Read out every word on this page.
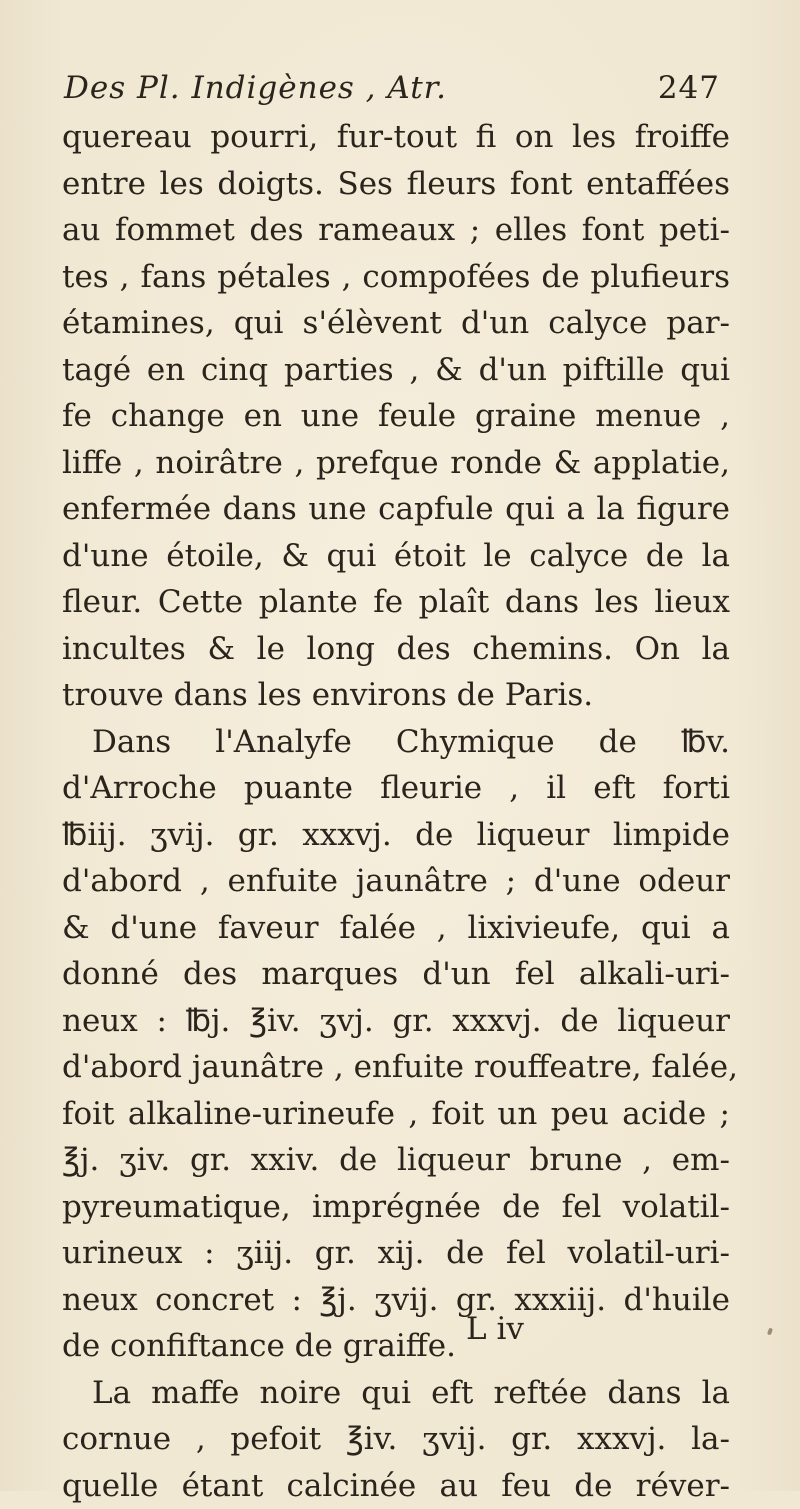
Des Pl. Indigènes , Atr.	247
quereau pourri, fur-tout fi on les froiffe
entre les doigts. Ses fleurs font entaffées
au fommet des rameaux ; elles font peti-
tes , fans pétales , compofées de plufieurs
étamines, qui s'élèvent d'un calyce par-
tagé en cinq parties , & d'un piftille qui
fe change en une feule graine menue ,
liffe , noirâtre , prefque ronde & applatie,
enfermée dans une capfule qui a la figure
d'une étoile, & qui étoit le calyce de la
fleur. Cette plante fe plaît dans les lieux
incultes & le long des chemins. On la
trouve dans les environs de Paris.
Dans l'Analyfe Chymique de ℔v.
d'Arroche puante fleurie , il eft forti
℔iij. ʒvij. gr. xxxvj. de liqueur limpide
d'abord , enfuite jaunâtre ; d'une odeur
& d'une faveur falée , lixivieufe, qui a
donné des marques d'un fel alkali-uri-
neux : ℔j. ℥iv. ʒvj. gr. xxxvj. de liqueur
d'abord jaunâtre , enfuite rouffeatre, falée,
foit alkaline-urineufe , foit un peu acide ;
℥j. ʒiv. gr. xxiv. de liqueur brune , em-
pyreumatique, imprégnée de fel volatil-
urineux : ʒiij. gr. xij. de fel volatil-uri-
neux concret : ℥j. ʒvij. gr. xxxiij. d'huile
de confiftance de graiffe.
La maffe noire qui eft reftée dans la
cornue , pefoit ℥iv. ʒvij. gr. xxxvj. la-
quelle étant calcinée au feu de réver-
L iv
